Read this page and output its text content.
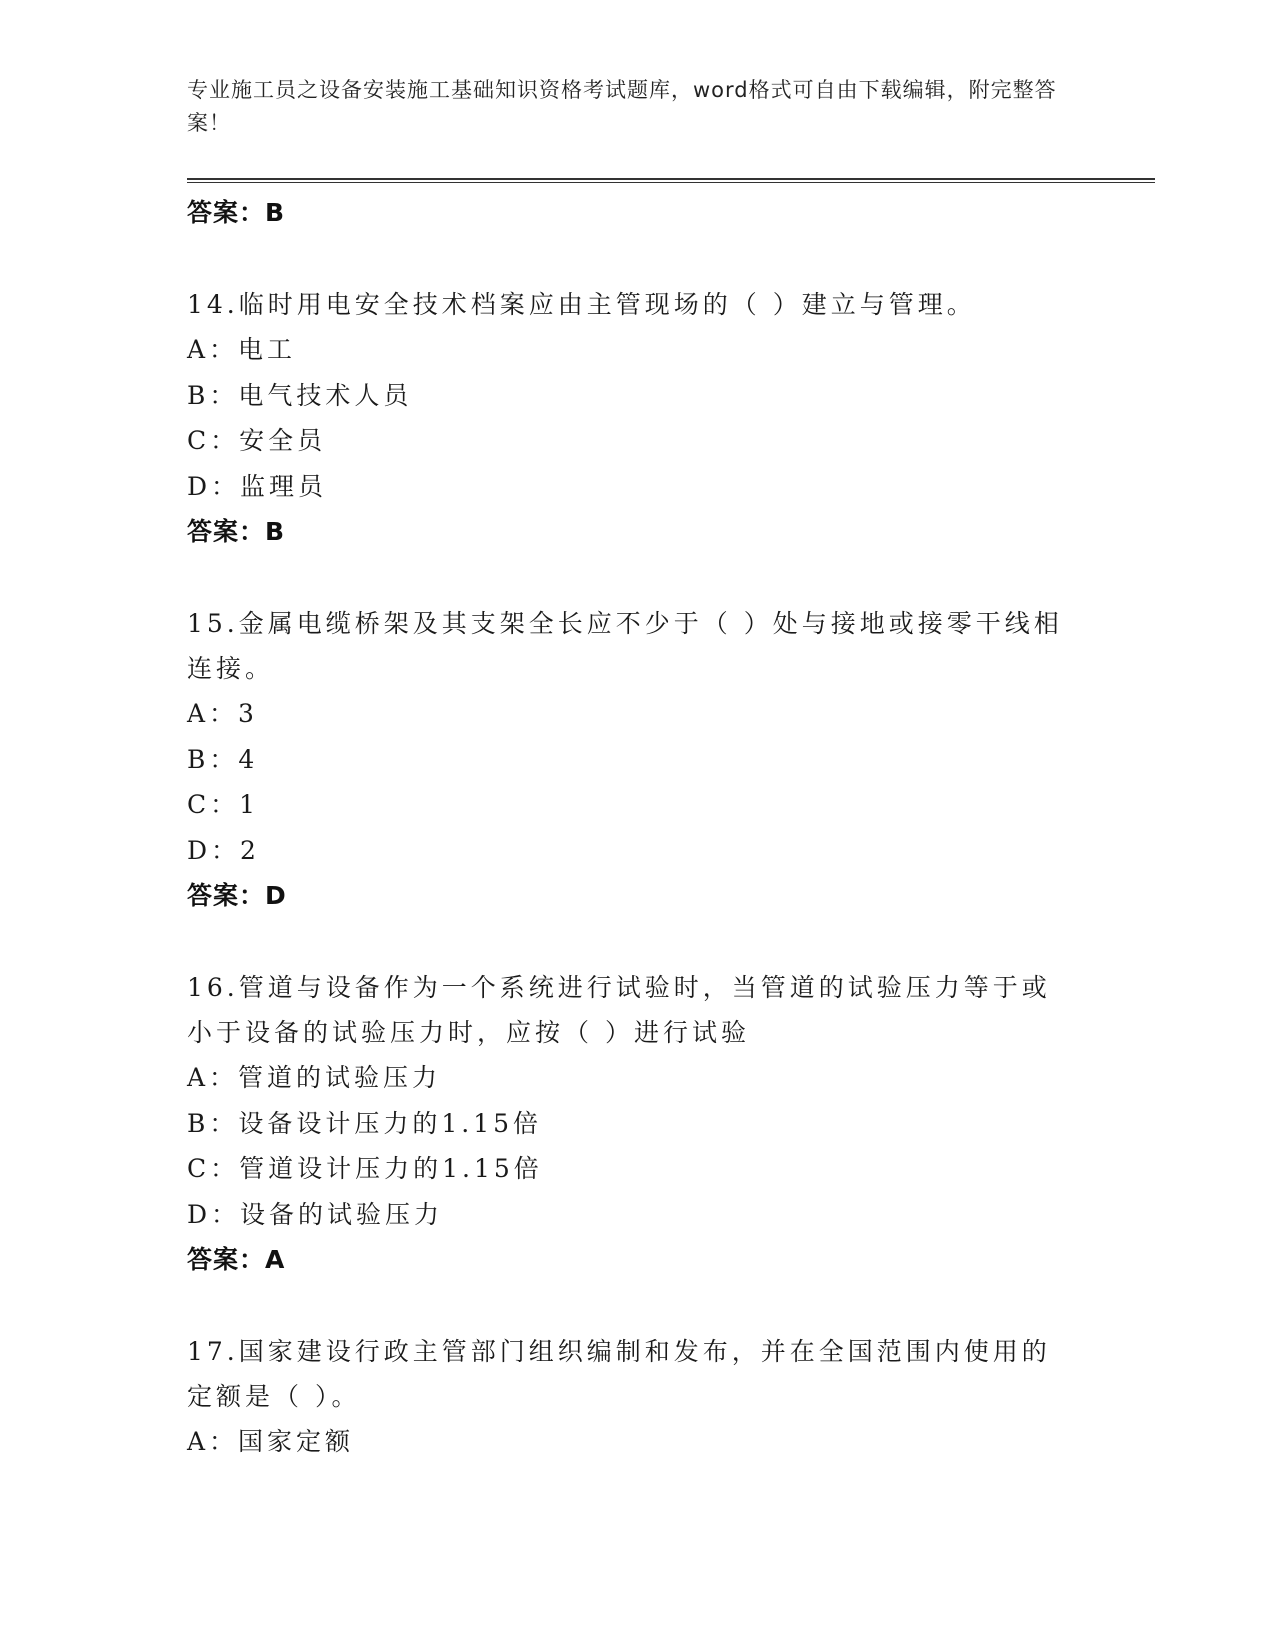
专业施工员之设备安装施工基础知识资格考试题库，word格式可自由下载编辑，附完整答案！
答案：B
14.临时用电安全技术档案应由主管现场的（ ）建立与管理。
A：电工
B：电气技术人员
C：安全员
D：监理员
答案：B
15.金属电缆桥架及其支架全长应不少于（ ）处与接地或接零干线相连接。
A：3
B：4
C：1
D：2
答案：D
16.管道与设备作为一个系统进行试验时，当管道的试验压力等于或小于设备的试验压力时，应按（ ）进行试验
A：管道的试验压力
B：设备设计压力的1.15倍
C：管道设计压力的1.15倍
D：设备的试验压力
答案：A
17.国家建设行政主管部门组织编制和发布，并在全国范围内使用的定额是（ ）。
A：国家定额
